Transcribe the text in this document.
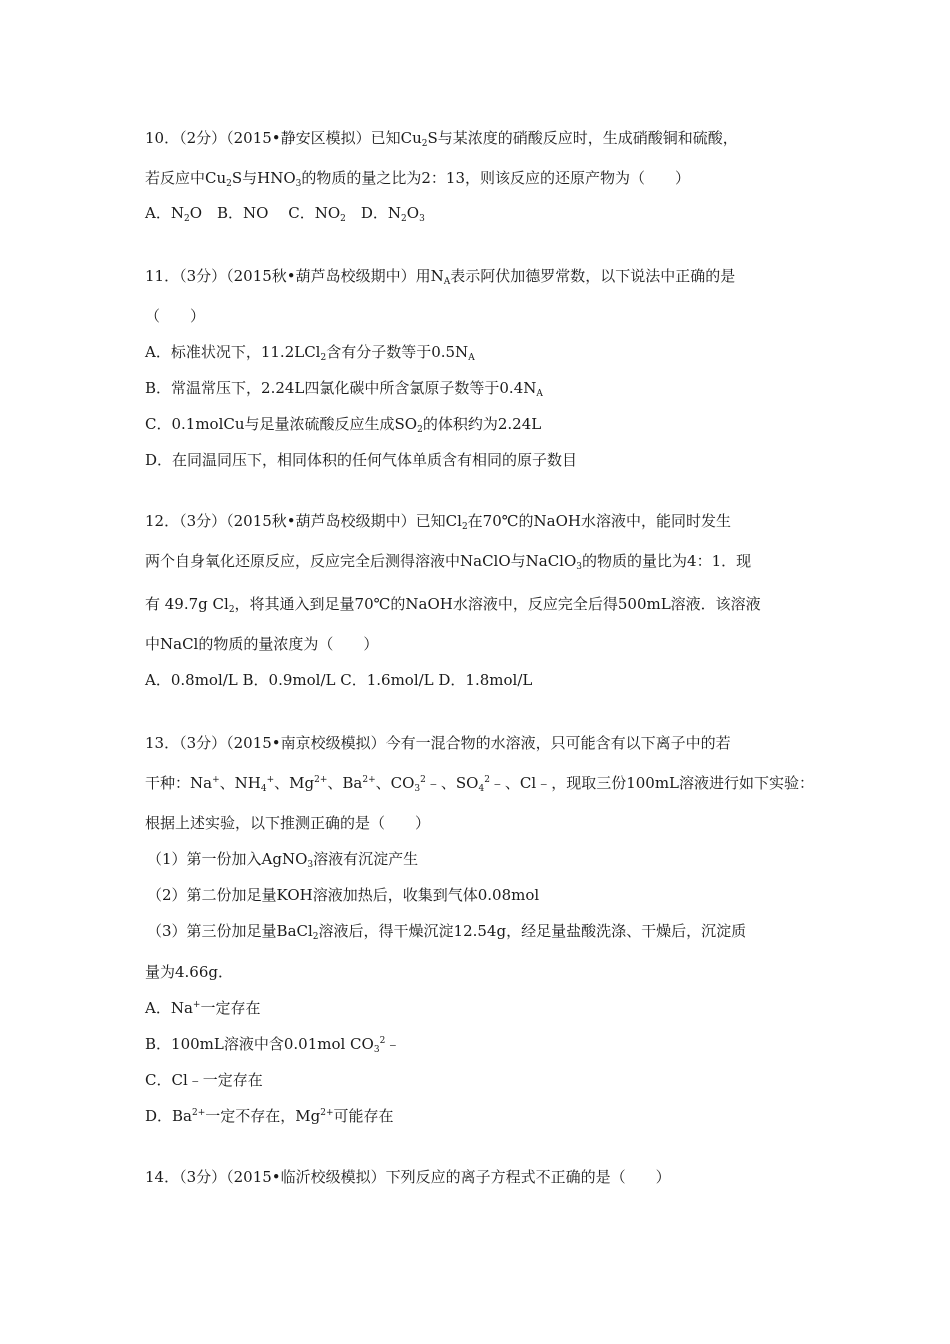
10．（2分）（2015•静安区模拟）已知$Cu_2S$与某浓度的硝酸反应时，生成硝酸铜和硫酸，
若反应中$Cu_2S$与$HNO_3$的物质的量之比为2：13，则该反应的还原产物为（　　）
A．$N_2O$　B．NO　 C．$NO_2$　D．$N_2O_3$
11．（3分）（2015秋•葫芦岛校级期中）用$N_A$表示阿伏加德罗常数，以下说法中正确的是
（　　）
A．标准状况下，11.2LCl$_2$含有分子数等于$0.5N_A$
B．常温常压下，2.24L四氯化碳中所含氯原子数等于$0.4N_A$
C．0.1molCu与足量浓硫酸反应生成$SO_2$的体积约为2.24L
D．在同温同压下，相同体积的任何气体单质含有相同的原子数目
12．（3分）（2015秋•葫芦岛校级期中）已知$Cl_2$在70℃的NaOH水溶液中，能同时发生
两个自身氧化还原反应，反应完全后测得溶液中NaClO与NaClO$_3$的物质的量比为4：1．现
有 49.7g $Cl_2$，将其通入到足量70℃的NaOH水溶液中，反应完全后得500mL溶液．该溶液
中NaCl的物质的量浓度为（　　）
A．0.8mol/L B．0.9mol/L C．1.6mol/L D．1.8mol/L
13．（3分）（2015•南京校级模拟）今有一混合物的水溶液，只可能含有以下离子中的若
干种：Na+、$NH_4^+$、$Mg^{2+}$、$Ba^{2+}$、$CO_3^2﹣$、$SO_4^2﹣$、Cl﹣，现取三份100mL溶液进行如下实验：
根据上述实验，以下推测正确的是（　　）
（1）第一份加入AgNO$_3$溶液有沉淀产生
（2）第二份加足量KOH溶液加热后，收集到气体0.08mol
（3）第三份加足量BaCl$_2$溶液后，得干燥沉淀12.54g，经足量盐酸洗涤、干燥后，沉淀质
量为4.66g．
A．Na+一定存在
B．100mL溶液中含0.01mol $CO_3^2﹣$
C．Cl﹣一定存在
D．$Ba^{2+}$一定不存在，$Mg^{2+}$可能存在
14．（3分）（2015•临沂校级模拟）下列反应的离子方程式不正确的是（　　）
